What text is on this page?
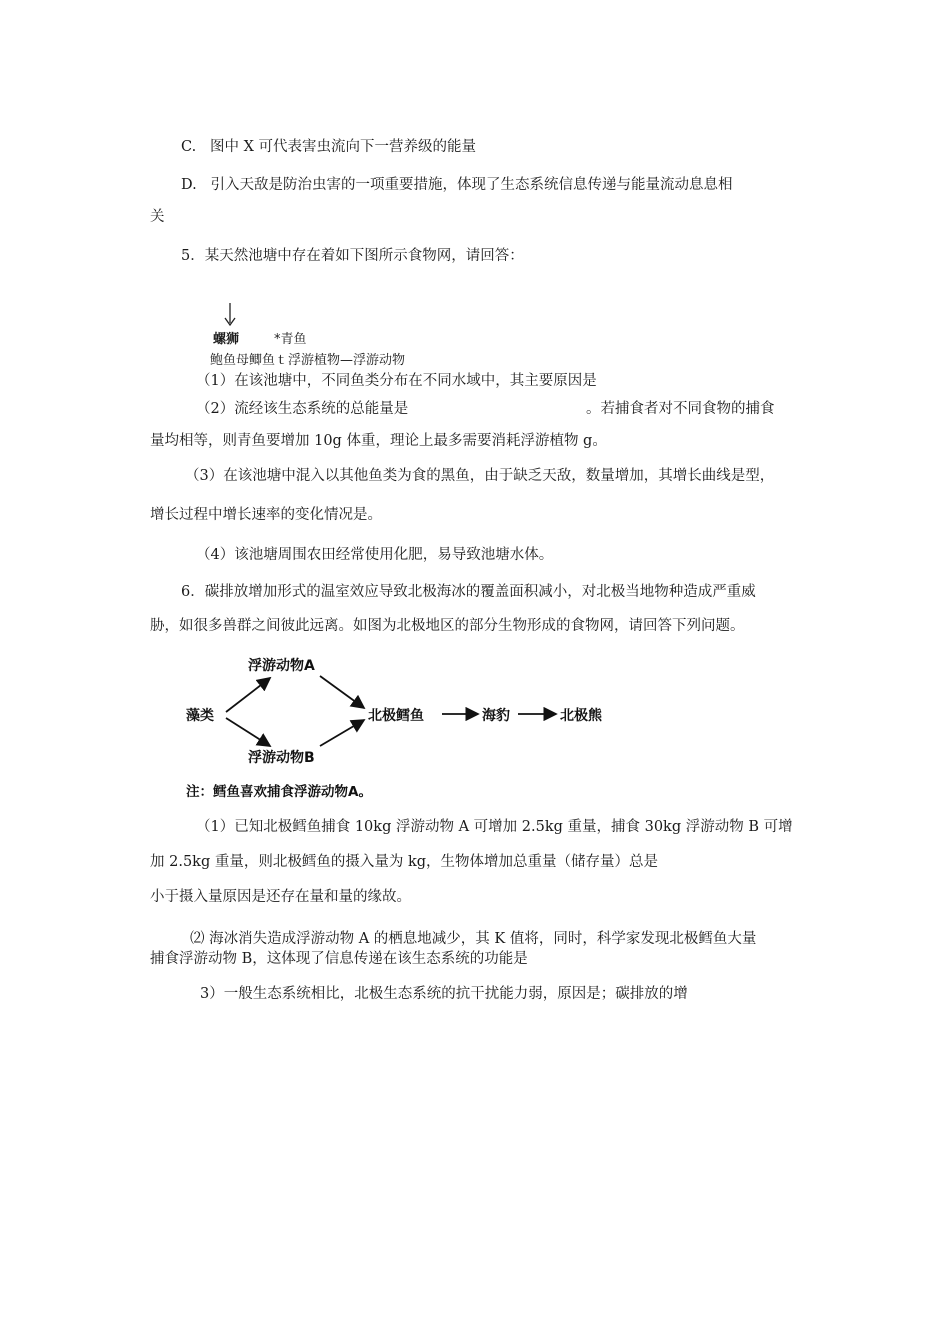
C. 图中 X 可代表害虫流向下一营养级的能量
D. 引入天敌是防治虫害的一项重要措施，体现了生态系统信息传递与能量流动息息相
关
5．某天然池塘中存在着如下图所示食物网，请回答：
螺狮	*青鱼
鲍鱼母鲫鱼ｔ浮游植物—浮游动物
（1）在该池塘中，不同鱼类分布在不同水域中，其主要原因是
（2）流经该生态系统的总能量是	。若捕食者对不同食物的捕食
量均相等，则青鱼要增加 10g 体重，理论上最多需要消耗浮游植物 g。
（3）在该池塘中混入以其他鱼类为食的黑鱼，由于缺乏天敌，数量增加，其增长曲线是型，
增长过程中增长速率的变化情况是。
（4）该池塘周围农田经常使用化肥，易导致池塘水体。
6．碳排放增加形式的温室效应导致北极海冰的覆盖面积减小，对北极当地物种造成严重威
胁，如很多兽群之间彼此远离。如图为北极地区的部分生物形成的食物网，请回答下列问题。
浮游动物A
藻类
浮游动物B
北极鳕鱼	海豹	北极熊
注：鳕鱼喜欢捕食浮游动物A。
（1）已知北极鳕鱼捕食 10kg 浮游动物 A 可增加 2.5kg 重量，捕食 30kg 浮游动物 B 可增
加 2.5kg 重量，则北极鳕鱼的摄入量为 kg，生物体增加总重量（储存量）总是
小于摄入量原因是还存在量和量的缘故。
⑵ 海冰消失造成浮游动物 A 的栖息地减少，其 K 值将，同时，科学家发现北极鳕鱼大量
捕食浮游动物 B，这体现了信息传递在该生态系统的功能是
3）一般生态系统相比，北极生态系统的抗干扰能力弱，原因是；碳排放的增
